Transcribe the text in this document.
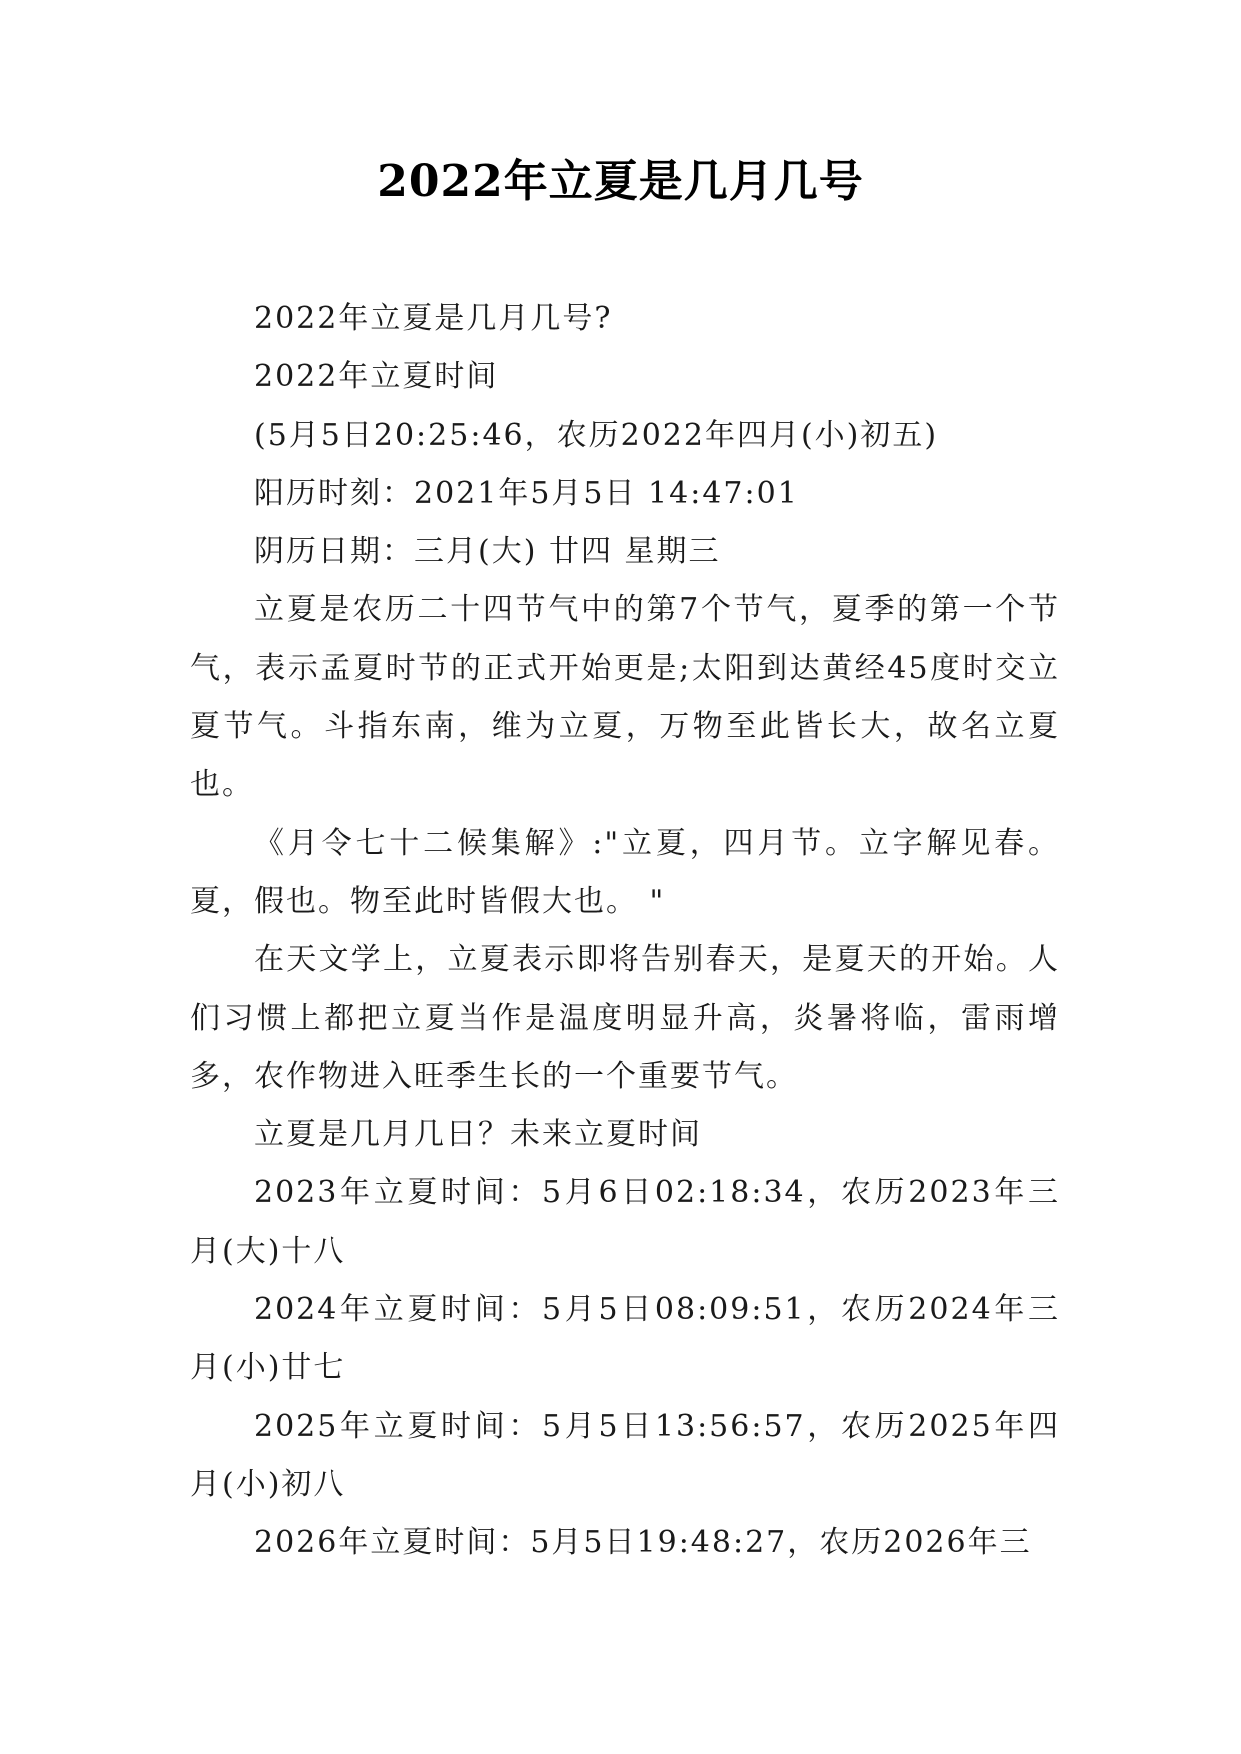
2022年立夏是几月几号

2022年立夏是几月几号?

2022年立夏时间

(5月5日20:25:46，农历2022年四月(小)初五)

阳历时刻：2021年5月5日 14:47:01

阴历日期：三月(大) 廿四 星期三

立夏是农历二十四节气中的第7个节气，夏季的第一个节气，表示孟夏时节的正式开始更是;太阳到达黄经45度时交立夏节气。斗指东南，维为立夏，万物至此皆长大，故名立夏也。

《月令七十二候集解》:"立夏，四月节。立字解见春。夏，假也。物至此时皆假大也。 "

在天文学上，立夏表示即将告别春天，是夏天的开始。人们习惯上都把立夏当作是温度明显升高，炎暑将临，雷雨增多，农作物进入旺季生长的一个重要节气。

立夏是几月几日？未来立夏时间

2023年立夏时间：5月6日02:18:34，农历2023年三月(大)十八

2024年立夏时间：5月5日08:09:51，农历2024年三月(小)廿七

2025年立夏时间：5月5日13:56:57，农历2025年四月(小)初八

2026年立夏时间：5月5日19:48:27，农历2026年三
